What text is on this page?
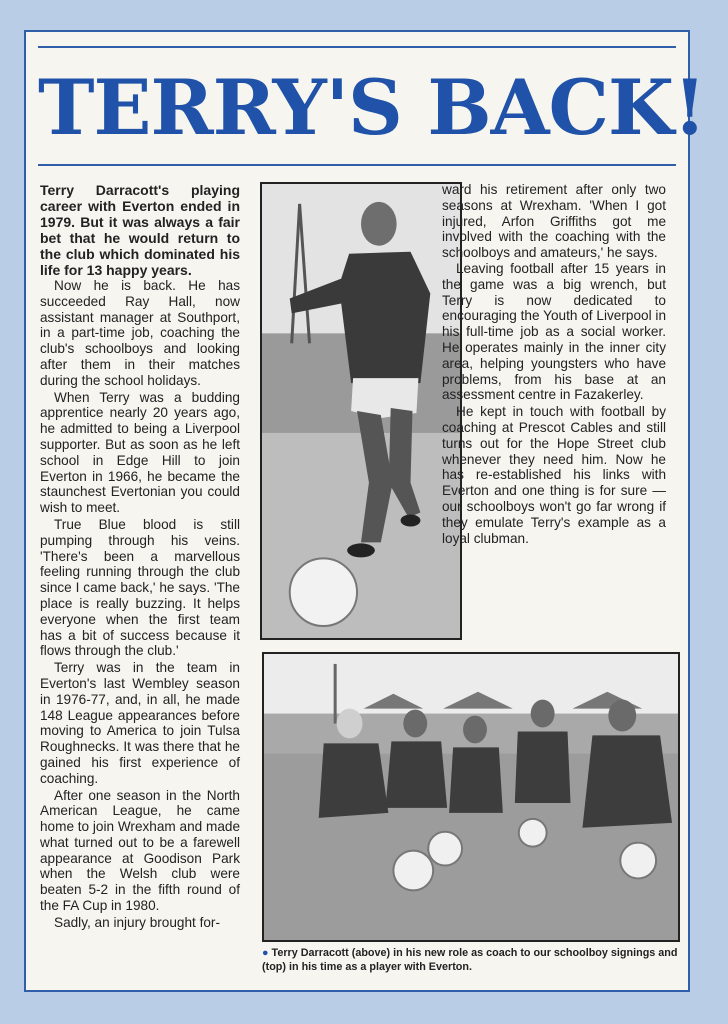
TERRY'S BACK!

Terry Darracott's playing career with Everton ended in 1979. But it was always a fair bet that he would return to the club which dominated his life for 13 happy years.

Now he is back. He has succeeded Ray Hall, now assistant manager at Southport, in a part-time job, coaching the club's schoolboys and looking after them in their matches during the school holidays.

When Terry was a budding apprentice nearly 20 years ago, he admitted to being a Liverpool supporter. But as soon as he left school in Edge Hill to join Everton in 1966, he became the staunchest Evertonian you could wish to meet.

True Blue blood is still pumping through his veins. 'There's been a marvellous feeling running through the club since I came back,' he says. 'The place is really buzzing. It helps everyone when the first team has a bit of success because it flows through the club.'

Terry was in the team in Everton's last Wembley season in 1976-77, and, in all, he made 148 League appearances before moving to America to join Tulsa Roughnecks. It was there that he gained his first experience of coaching.

After one season in the North American League, he came home to join Wrexham and made what turned out to be a farewell appearance at Goodison Park when the Welsh club were beaten 5-2 in the fifth round of the FA Cup in 1980.

Sadly, an injury brought for-

ward his retirement after only two seasons at Wrexham. 'When I got injured, Arfon Griffiths got me involved with the coaching with the schoolboys and amateurs,' he says.

Leaving football after 15 years in the game was a big wrench, but Terry is now dedicated to encouraging the Youth of Liverpool in his full-time job as a social worker. He operates mainly in the inner city area, helping youngsters who have problems, from his base at an assessment centre in Fazakerley.

He kept in touch with football by coaching at Prescot Cables and still turns out for the Hope Street club whenever they need him. Now he has re-established his links with Everton and one thing is for sure — our schoolboys won't go far wrong if they emulate Terry's example as a loyal clubman.

● Terry Darracott (above) in his new role as coach to our schoolboy signings and (top) in his time as a player with Everton.
